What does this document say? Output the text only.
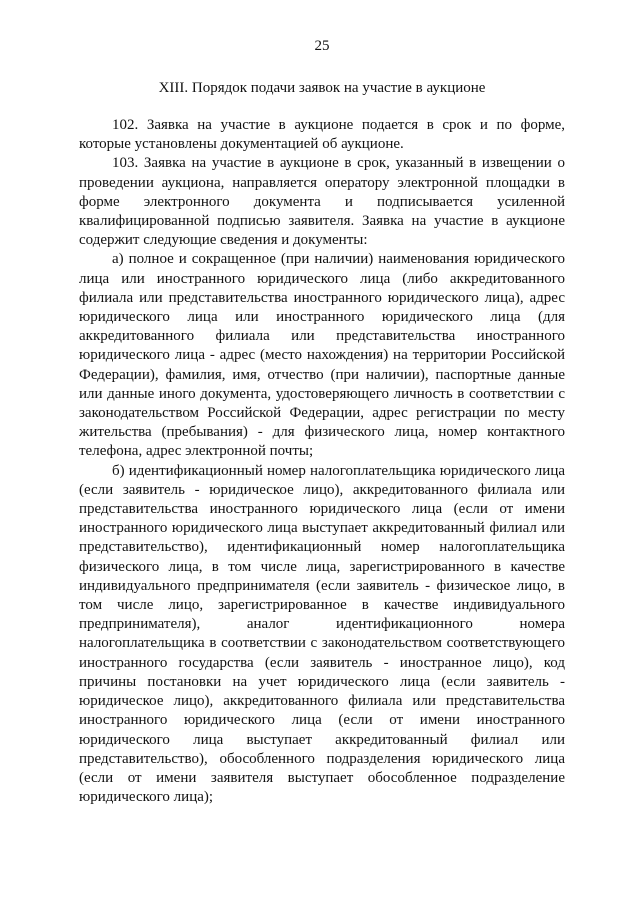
25
XIII. Порядок подачи заявок на участие в аукционе

102. Заявка на участие в аукционе подается в срок и по форме, которые установлены документацией об аукционе.

103. Заявка на участие в аукционе в срок, указанный в извещении о проведении аукциона, направляется оператору электронной площадки в форме электронного документа и подписывается усиленной квалифицированной подписью заявителя. Заявка на участие в аукционе содержит следующие сведения и документы:

а) полное и сокращенное (при наличии) наименования юридического лица или иностранного юридического лица (либо аккредитованного филиала или представительства иностранного юридического лица), адрес юридического лица или иностранного юридического лица (для аккредитованного филиала или представительства иностранного юридического лица - адрес (место нахождения) на территории Российской Федерации), фамилия, имя, отчество (при наличии), паспортные данные или данные иного документа, удостоверяющего личность в соответствии с законодательством Российской Федерации, адрес регистрации по месту жительства (пребывания) - для физического лица, номер контактного телефона, адрес электронной почты;

б) идентификационный номер налогоплательщика юридического лица (если заявитель - юридическое лицо), аккредитованного филиала или представительства иностранного юридического лица (если от имени иностранного юридического лица выступает аккредитованный филиал или представительство), идентификационный номер налогоплательщика физического лица, в том числе лица, зарегистрированного в качестве индивидуального предпринимателя (если заявитель - физическое лицо, в том числе лицо, зарегистрированное в качестве индивидуального предпринимателя), аналог идентификационного номера налогоплательщика в соответствии с законодательством соответствующего иностранного государства (если заявитель - иностранное лицо), код причины постановки на учет юридического лица (если заявитель - юридическое лицо), аккредитованного филиала или представительства иностранного юридического лица (если от имени иностранного юридического лица выступает аккредитованный филиал или представительство), обособленного подразделения юридического лица (если от имени заявителя выступает обособленное подразделение юридического лица);
